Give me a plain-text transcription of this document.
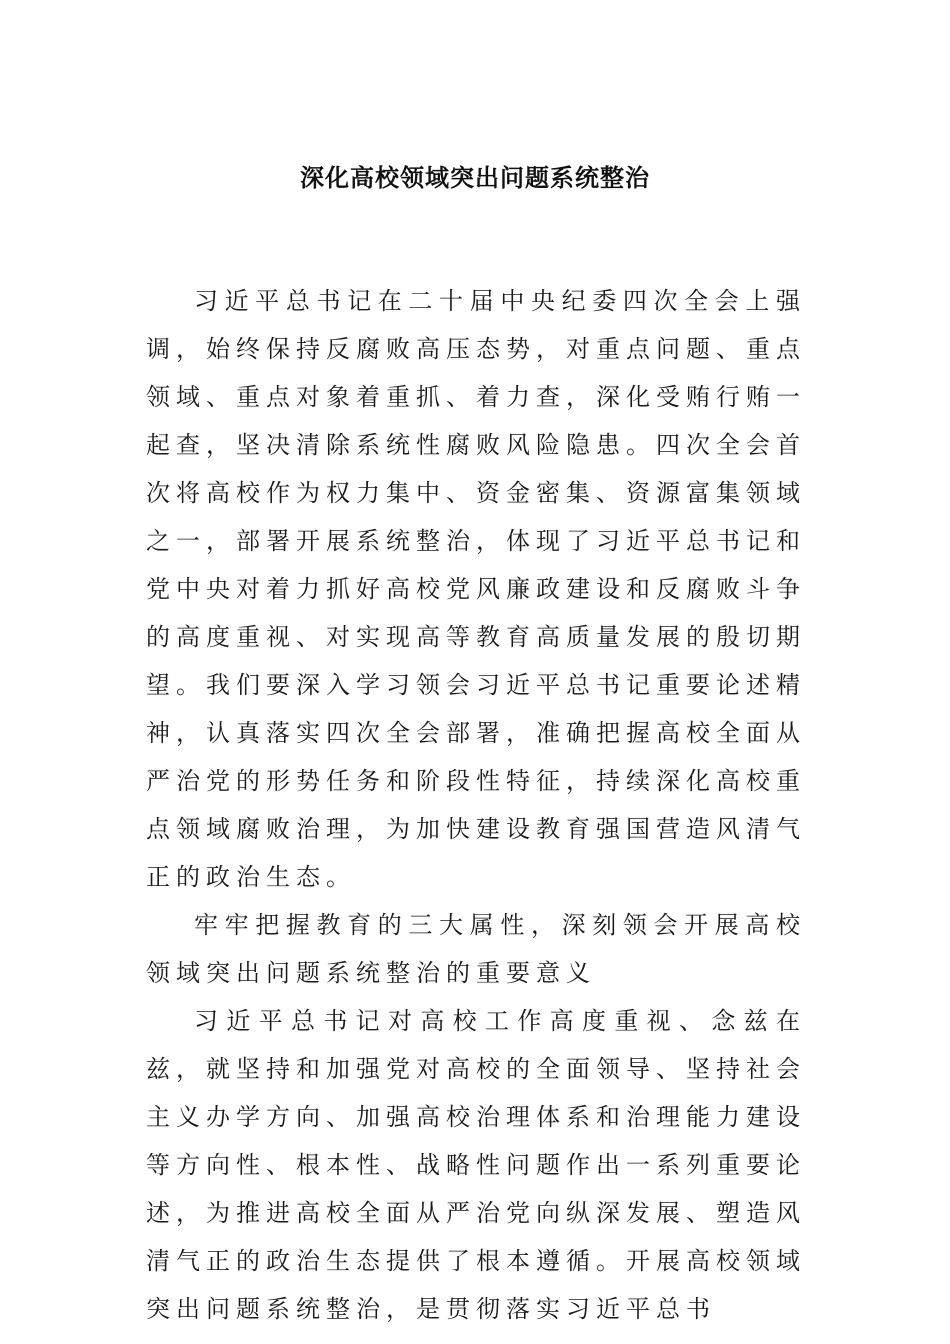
深化高校领域突出问题系统整治

习近平总书记在二十届中央纪委四次全会上强调，始终保持反腐败高压态势，对重点问题、重点领域、重点对象着重抓、着力查，深化受贿行贿一起查，坚决清除系统性腐败风险隐患。四次全会首次将高校作为权力集中、资金密集、资源富集领域之一，部署开展系统整治，体现了习近平总书记和党中央对着力抓好高校党风廉政建设和反腐败斗争的高度重视、对实现高等教育高质量发展的殷切期望。我们要深入学习领会习近平总书记重要论述精神，认真落实四次全会部署，准确把握高校全面从严治党的形势任务和阶段性特征，持续深化高校重点领域腐败治理，为加快建设教育强国营造风清气正的政治生态。

牢牢把握教育的三大属性，深刻领会开展高校领域突出问题系统整治的重要意义

习近平总书记对高校工作高度重视、念兹在兹，就坚持和加强党对高校的全面领导、坚持社会主义办学方向、加强高校治理体系和治理能力建设等方向性、根本性、战略性问题作出一系列重要论述，为推进高校全面从严治党向纵深发展、塑造风清气正的政治生态提供了根本遵循。开展高校领域突出问题系统整治，是贯彻落实习近平总书
